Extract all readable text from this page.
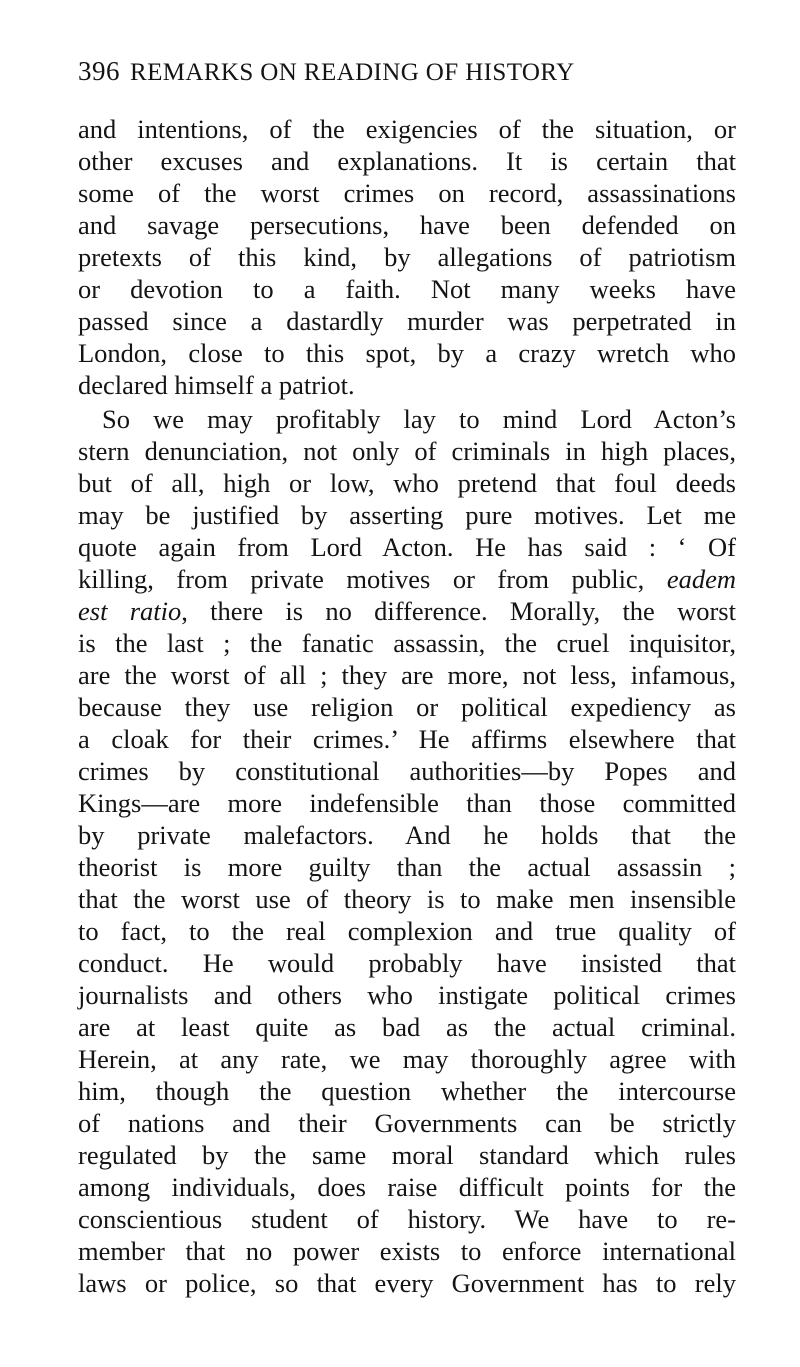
396 REMARKS ON READING OF HISTORY
and intentions, of the exigencies of the situation, or
other excuses and explanations. It is certain that
some of the worst crimes on record, assassinations
and savage persecutions, have been defended on
pretexts of this kind, by allegations of patriotism
or devotion to a faith. Not many weeks have
passed since a dastardly murder was perpetrated in
London, close to this spot, by a crazy wretch who
declared himself a patriot.
So we may profitably lay to mind Lord Acton’s
stern denunciation, not only of criminals in high places,
but of all, high or low, who pretend that foul deeds
may be justified by asserting pure motives. Let me
quote again from Lord Acton. He has said : ‘ Of
killing, from private motives or from public, eadem
est ratio, there is no difference. Morally, the worst
is the last ; the fanatic assassin, the cruel inquisitor,
are the worst of all ; they are more, not less, infamous,
because they use religion or political expediency as
a cloak for their crimes.’ He affirms elsewhere that
crimes by constitutional authorities—by Popes and
Kings—are more indefensible than those committed
by private malefactors. And he holds that the
theorist is more guilty than the actual assassin ;
that the worst use of theory is to make men insensible
to fact, to the real complexion and true quality of
conduct. He would probably have insisted that
journalists and others who instigate political crimes
are at least quite as bad as the actual criminal.
Herein, at any rate, we may thoroughly agree with
him, though the question whether the intercourse
of nations and their Governments can be strictly
regulated by the same moral standard which rules
among individuals, does raise difficult points for the
conscientious student of history. We have to re-
member that no power exists to enforce international
laws or police, so that every Government has to rely
